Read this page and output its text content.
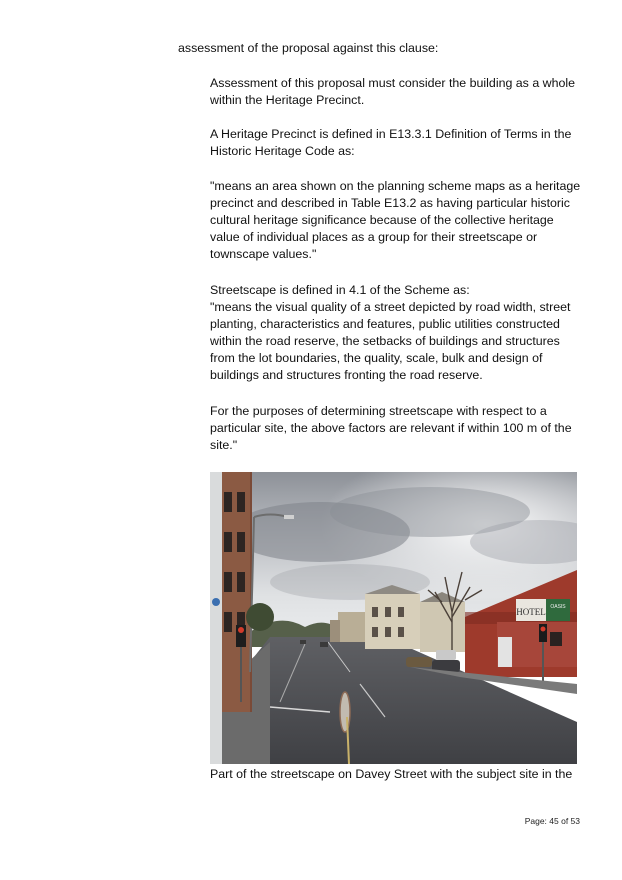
assessment of the proposal against this clause:

Assessment of this proposal must consider the building as a whole within the Heritage Precinct.

A Heritage Precinct is defined in E13.3.1 Definition of Terms in the Historic Heritage Code as:

"means an area shown on the planning scheme maps as a heritage precinct and described in Table E13.2 as having particular historic cultural heritage significance because of the collective heritage value of individual places as a group for their streetscape or townscape values."

Streetscape is defined in 4.1 of the Scheme as:

"means the visual quality of a street depicted by road width, street planting, characteristics and features, public utilities constructed within the road reserve, the setbacks of buildings and structures from the lot boundaries, the quality, scale, bulk and design of buildings and structures fronting the road reserve.

For the purposes of determining streetscape with respect to a particular site, the above factors are relevant if within 100 m of the site."

HOTEL OASIS

Part of the streetscape on Davey Street with the subject site in the

Page: 45 of 53
